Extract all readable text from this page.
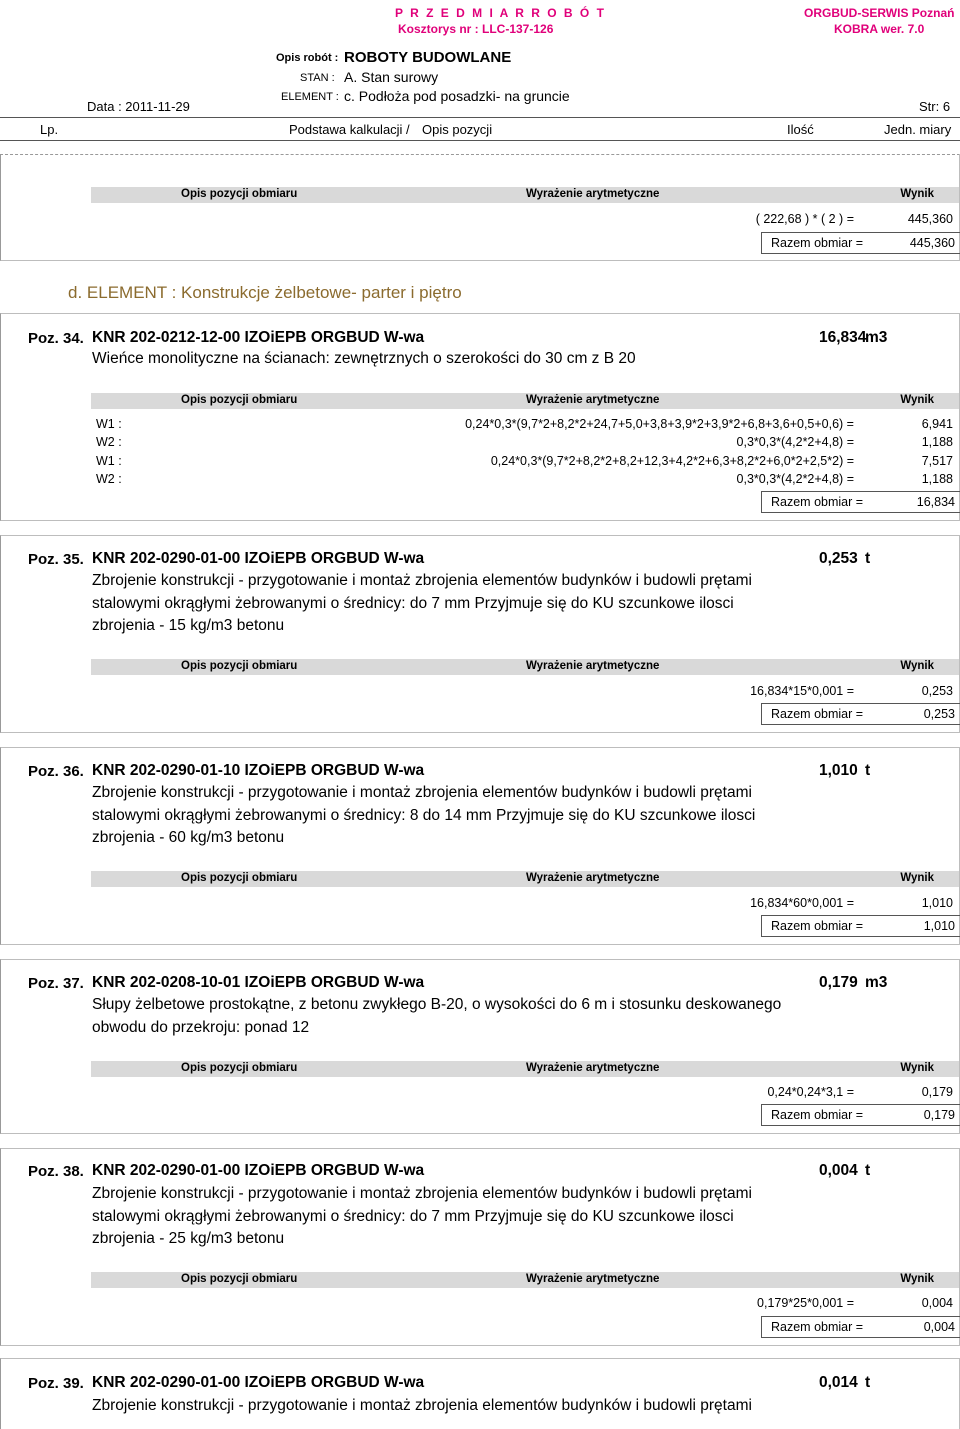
P R Z E D M I A R R O B Ó T
Kosztorys nr : LLC-137-126
ORGBUD-SERWIS Poznań
KOBRA wer. 7.0
Opis robót : ROBOTY BUDOWLANE
STAN : A. Stan surowy
ELEMENT : c. Podłoża pod posadzki- na gruncie
Data : 2011-11-29	Str: 6
Lp.	Podstawa kalkulacji / Opis pozycji	Ilość	Jedn. miary
Opis pozycji obmiaru	Wyrażenie arytmetyczne	Wynik
( 222,68 ) * ( 2 ) =	445,360
Razem obmiar =	445,360
d. ELEMENT : Konstrukcje żelbetowe- parter i piętro
Poz. 34. KNR 202-0212-12-00 IZOiEPB ORGBUD W-wa	16,834
m3
Wieńce monolityczne na ścianach: zewnętrznych o szerokości do 30 cm z B 20
Opis pozycji obmiaru	Wyrażenie arytmetyczne	Wynik
W1 :	0,24*0,3*(9,7*2+8,2*2+24,7+5,0+3,8+3,9*2+3,9*2+6,8+3,6+0,5+0,6) =	6,941
W2 :	0,3*0,3*(4,2*2+4,8) =	1,188
W1 :	0,24*0,3*(9,7*2+8,2*2+8,2+12,3+4,2*2+6,3+8,2*2+6,0*2+2,5*2) =	7,517
W2 :	0,3*0,3*(4,2*2+4,8) =	1,188
Razem obmiar =	16,834
Poz. 35. KNR 202-0290-01-00 IZOiEPB ORGBUD W-wa	0,253 t
Zbrojenie konstrukcji - przygotowanie i montaż zbrojenia elementów budynków i budowli prętami stalowymi okrągłymi żebrowanymi o średnicy: do 7 mm Przyjmuje się do KU szcunkowe ilosci zbrojenia - 15 kg/m3 betonu
Opis pozycji obmiaru	Wyrażenie arytmetyczne	Wynik
16,834*15*0,001 =	0,253
Razem obmiar =	0,253
Poz. 36. KNR 202-0290-01-10 IZOiEPB ORGBUD W-wa	1,010 t
Zbrojenie konstrukcji - przygotowanie i montaż zbrojenia elementów budynków i budowli prętami stalowymi okrągłymi żebrowanymi o średnicy: 8 do 14 mm Przyjmuje się do KU szcunkowe ilosci zbrojenia - 60 kg/m3 betonu
Opis pozycji obmiaru	Wyrażenie arytmetyczne	Wynik
16,834*60*0,001 =	1,010
Razem obmiar =	1,010
Poz. 37. KNR 202-0208-10-01 IZOiEPB ORGBUD W-wa	0,179 m3
Słupy żelbetowe prostokątne, z betonu zwykłego B-20, o wysokości do 6 m i stosunku deskowanego obwodu do przekroju: ponad 12
Opis pozycji obmiaru	Wyrażenie arytmetyczne	Wynik
0,24*0,24*3,1 =	0,179
Razem obmiar =	0,179
Poz. 38. KNR 202-0290-01-00 IZOiEPB ORGBUD W-wa	0,004 t
Zbrojenie konstrukcji - przygotowanie i montaż zbrojenia elementów budynków i budowli prętami stalowymi okrągłymi żebrowanymi o średnicy: do 7 mm Przyjmuje się do KU szcunkowe ilosci zbrojenia - 25 kg/m3 betonu
Opis pozycji obmiaru	Wyrażenie arytmetyczne	Wynik
0,179*25*0,001 =	0,004
Razem obmiar =	0,004
Poz. 39. KNR 202-0290-01-00 IZOiEPB ORGBUD W-wa	0,014 t
Zbrojenie konstrukcji - przygotowanie i montaż zbrojenia elementów budynków i budowli prętami
